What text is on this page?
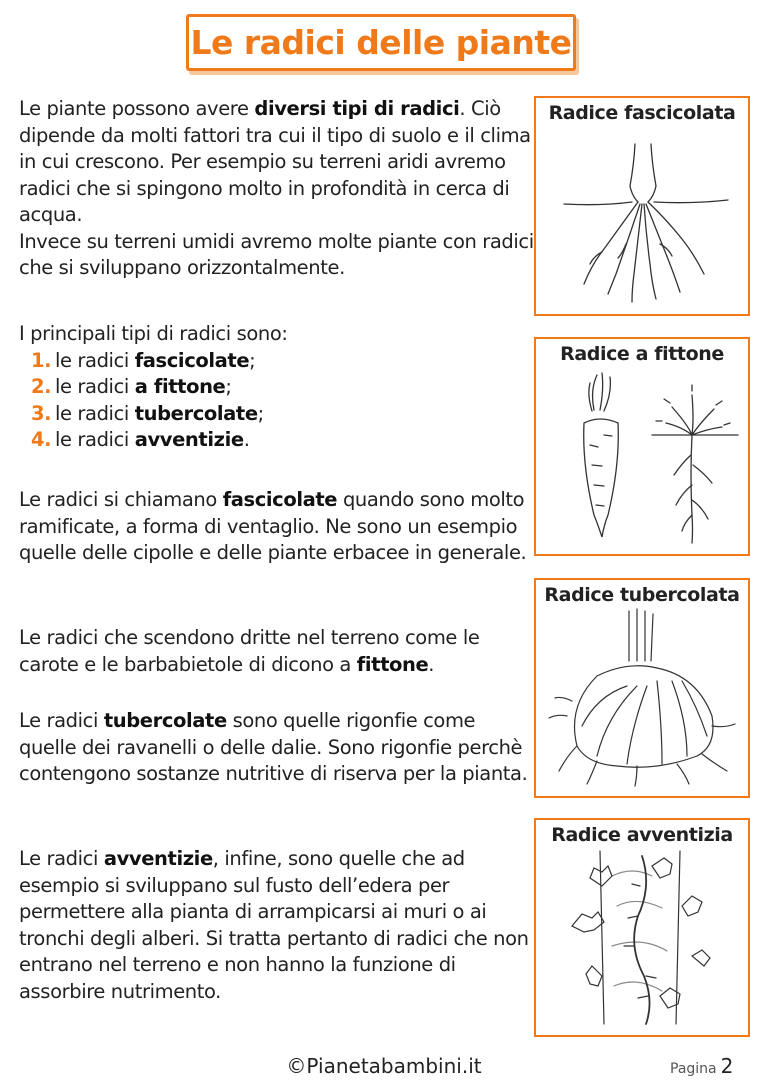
Le radici delle piante
Le piante possono avere diversi tipi di radici. Ciò dipende da molti fattori tra cui il tipo di suolo e il clima in cui crescono. Per esempio su terreni aridi avremo radici che si spingono molto in profondità in cerca di acqua.
Invece su terreni umidi avremo molte piante con radici che si sviluppano orizzontalmente.
I principali tipi di radici sono:
1. le radici fascicolate;
2. le radici a fittone;
3. le radici tubercolate;
4. le radici avventizie.
Le radici si chiamano fascicolate quando sono molto ramificate, a forma di ventaglio. Ne sono un esempio quelle delle cipolle e delle piante erbacee in generale.
Le radici che scendono dritte nel terreno come le carote e le barbabietole di dicono a fittone.
Le radici tubercolate sono quelle rigonfie come quelle dei ravanelli o delle dalie. Sono rigonfie perchè contengono sostanze nutritive di riserva per la pianta.
Le radici avventizie, infine, sono quelle che ad esempio si sviluppano sul fusto dell’edera per permettere alla pianta di arrampicarsi ai muri o ai tronchi degli alberi. Si tratta pertanto di radici che non entrano nel terreno e non hanno la funzione di assorbire nutrimento.
Radice fascicolata
Radice a fittone
Radice tubercolata
Radice avventizia
©Pianetabambini.it	Pagina 2
